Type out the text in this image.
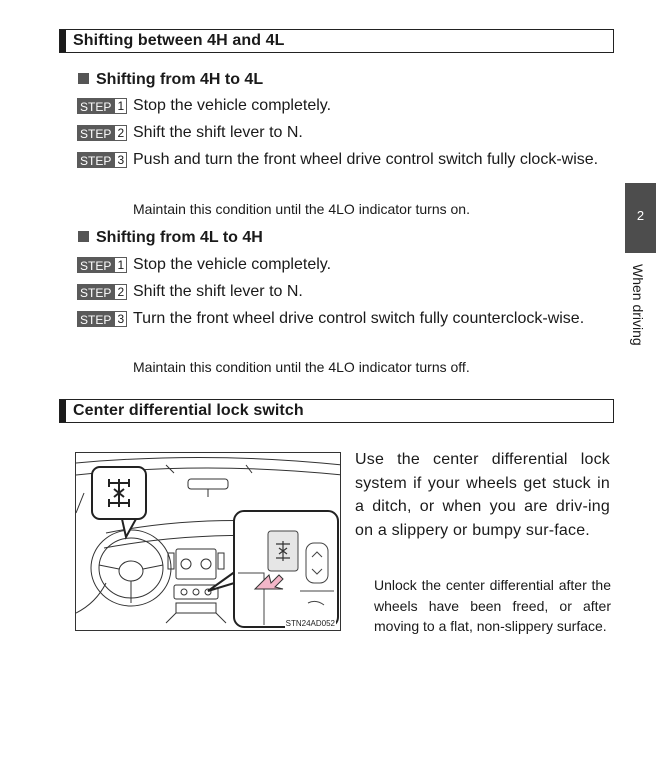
Shifting between 4H and 4L
Shifting from 4H to 4L
STEP 1 Stop the vehicle completely.
STEP 2 Shift the shift lever to N.
STEP 3 Push and turn the front wheel drive control switch fully clock-wise.
Maintain this condition until the 4LO indicator turns on.
Shifting from 4L to 4H
STEP 1 Stop the vehicle completely.
STEP 2 Shift the shift lever to N.
STEP 3 Turn the front wheel drive control switch fully counterclock-wise.
Maintain this condition until the 4LO indicator turns off.
Center differential lock switch
STN24AD052
Use the center differential lock system if your wheels get stuck in a ditch, or when you are driv-ing on a slippery or bumpy sur-face.
Unlock the center differential after the wheels have been freed, or after moving to a flat, non-slippery surface.
2
When driving
